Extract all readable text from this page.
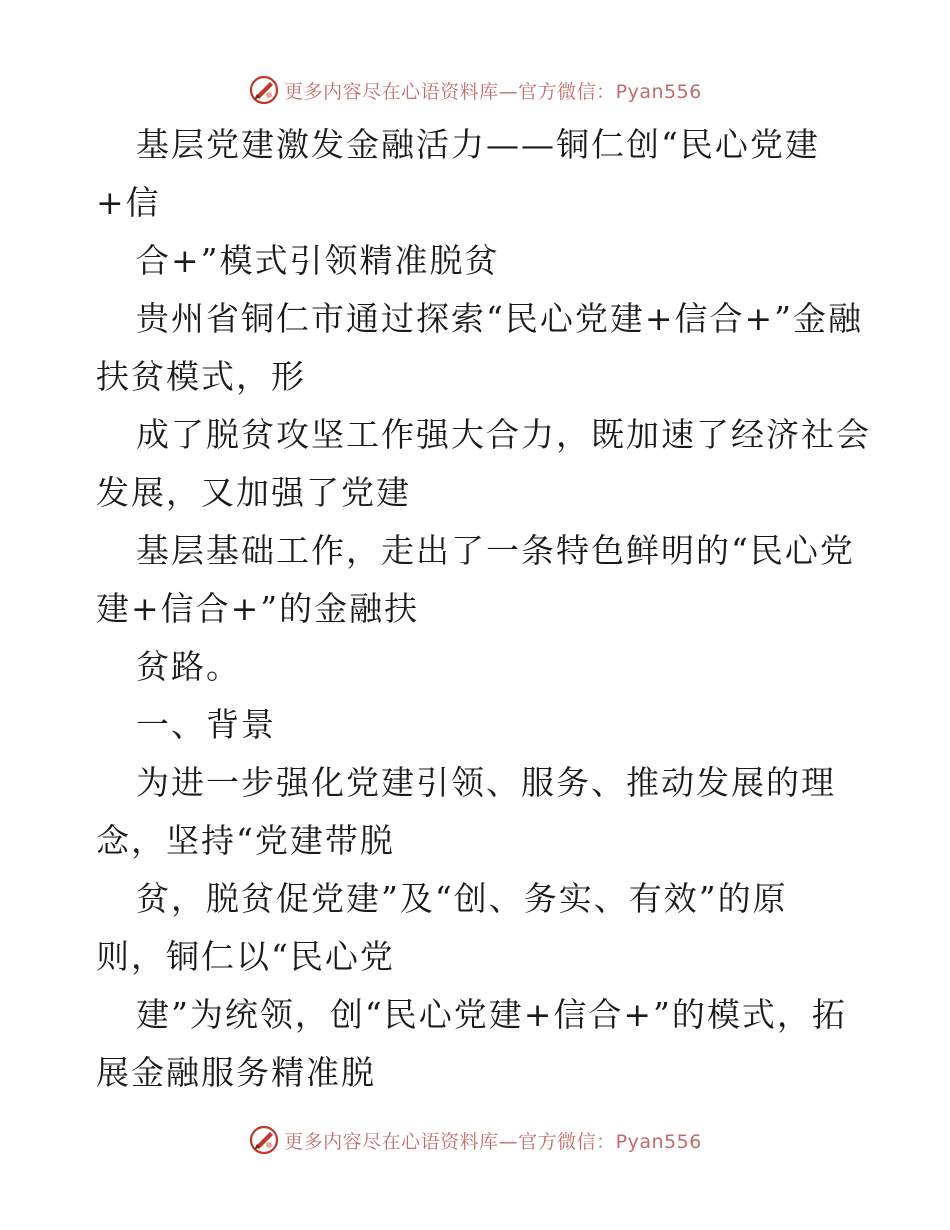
更多内容尽在心语资料库—官方微信：Pyan556
基层党建激发金融活力——铜仁创“民心党建
+信
合+”模式引领精准脱贫
贵州省铜仁市通过探索“民心党建+信合+”金融
扶贫模式，形
成了脱贫攻坚工作强大合力，既加速了经济社会
发展，又加强了党建
基层基础工作，走出了一条特色鲜明的“民心党
建+信合+”的金融扶
贫路。
一、背景
为进一步强化党建引领、服务、推动发展的理
念，坚持“党建带脱
贫，脱贫促党建”及“创、务实、有效”的原
则，铜仁以“民心党
建”为统领，创“民心党建+信合+”的模式，拓
展金融服务精准脱
更多内容尽在心语资料库—官方微信：Pyan556
